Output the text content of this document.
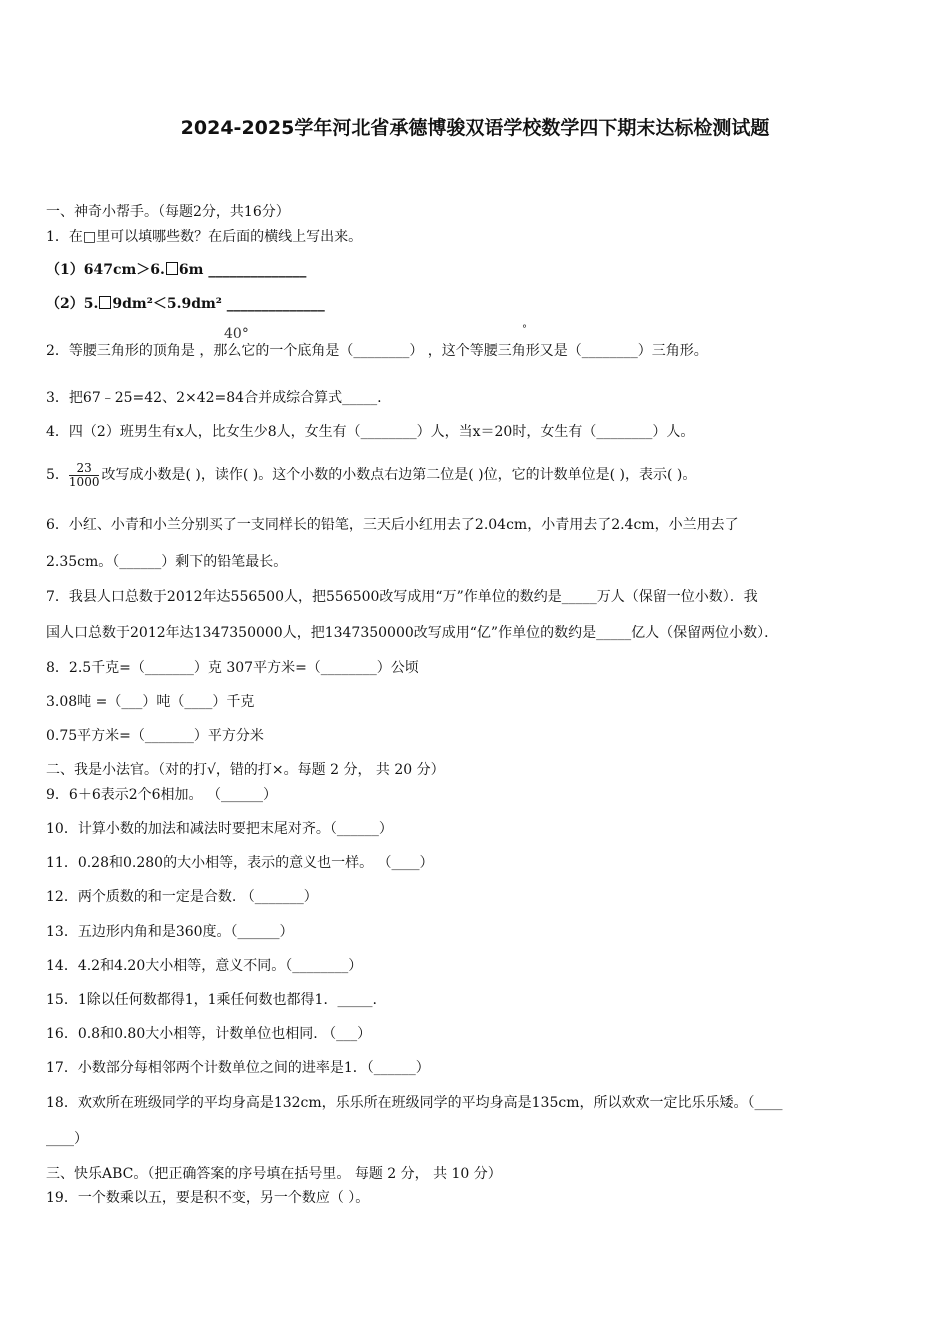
2024-2025学年河北省承德博骏双语学校数学四下期末达标检测试题
一、神奇小帮手。（每题2分，共16分）
1．在□里可以填哪些数？在后面的横线上写出来。
（1）647cm＞6. 6m ______________
（2）5. 9dm²＜5.9dm² ______________
40°	°
2．等腰三角形的顶角是 ，那么它的一个底角是（________） ，这个等腰三角形又是（________）三角形。
3．把67﹣25=42、2×42=84合并成综合算式_____.
4．四（2）班男生有x人，比女生少8人，女生有（________）人，当x＝20时，女生有（________）人。
5． $\frac{23}{1000}$ 改写成小数是( )，读作( )。这个小数的小数点右边第二位是( )位，它的计数单位是( )，表示( )。
6．小红、小青和小兰分别买了一支同样长的铅笔，三天后小红用去了2.04cm，小青用去了2.4cm，小兰用去了
2.35cm。（______）剩下的铅笔最长。
7．我县人口总数于2012年达556500人，把556500改写成用“万”作单位的数约是_____万人（保留一位小数）．我
国人口总数于2012年达1347350000人，把1347350000改写成用“亿”作单位的数约是_____亿人（保留两位小数）．
8．2.5千克=（_______）克 307平方米=（________）公顷
3.08吨 =（___）吨（____）千克
0.75平方米=（_______）平方分米
二、我是小法官。（对的打√，错的打×。每题 2 分， 共 20 分）
9．6＋6表示2个6相加。 （______）
10．计算小数的加法和减法时要把末尾对齐。（______）
11．0.28和0.280的大小相等，表示的意义也一样。 （____）
12．两个质数的和一定是合数. （_______）
13．五边形内角和是360度。（______）
14．4.2和4.20大小相等，意义不同。（________）
15．1除以任何数都得1，1乘任何数也都得1．_____.
16．0.8和0.80大小相等，计数单位也相同. （___）
17．小数部分每相邻两个计数单位之间的进率是1．（______）
18．欢欢所在班级同学的平均身高是132cm，乐乐所在班级同学的平均身高是135cm，所以欢欢一定比乐乐矮。（____
____）
三、快乐ABC。（把正确答案的序号填在括号里。 每题 2 分， 共 10 分）
19．一个数乘以五，要是积不变，另一个数应（ ）。
